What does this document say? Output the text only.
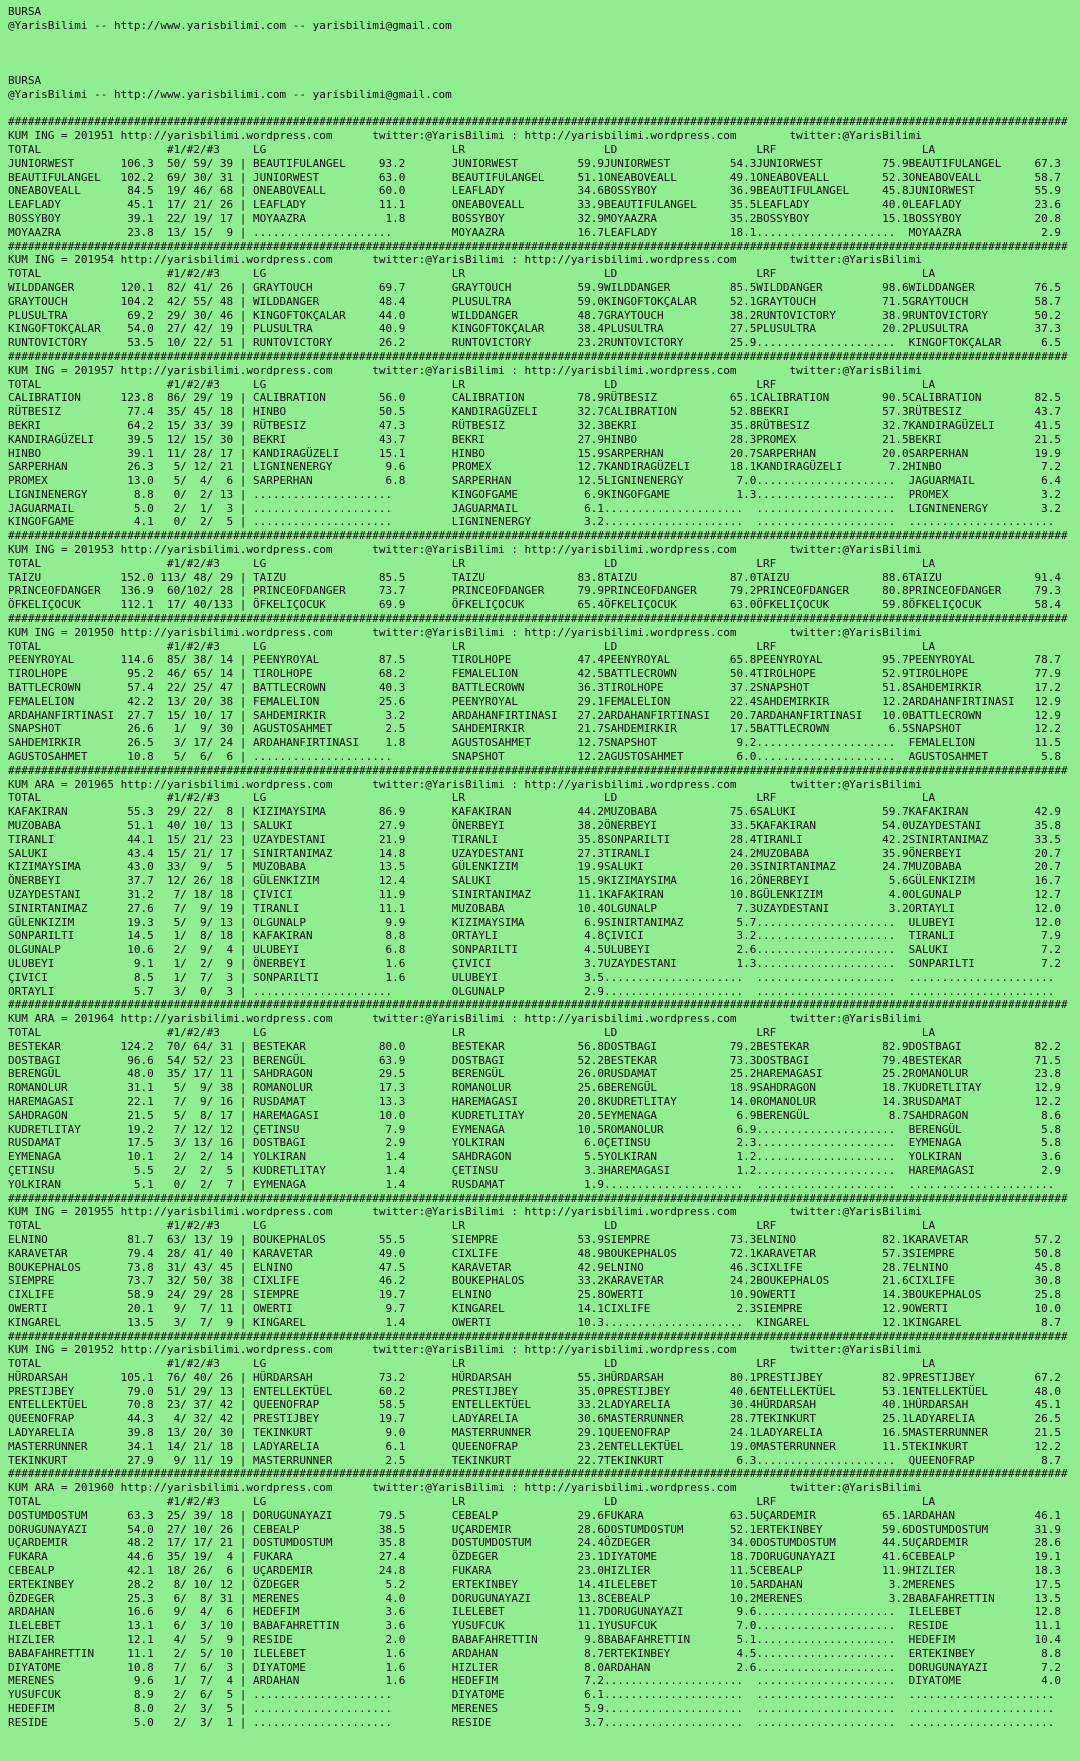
BURSA
@YarisBilimi -- http://www.yarisbilimi.com -- yarisbilimi@gmail.com
BURSA
@YarisBilimi -- http://www.yarisbilimi.com -- yarisbilimi@gmail.com
################################################################################################################################################################
KUM ING = 201951 http://yarisbilimi.wordpress.com      twitter:@YarisBilimi : http://yarisbilimi.wordpress.com        twitter:@YarisBilimi
TOTAL                   #1/#2/#3     LG                            LR                     LD                     LRF                      LA
JUNIORWEST       106.3  50/ 59/ 39 | BEAUTIFULANGEL     93.2       JUNIORWEST         59.9JUNIORWEST         54.3JUNIORWEST         75.9BEAUTIFULANGEL     67.3
BEAUTIFULANGEL   102.2  69/ 30/ 31 | JUNIORWEST         63.0       BEAUTIFULANGEL     51.1ONEABOVEALL        49.1ONEABOVEALL        52.3ONEABOVEALL        58.7
ONEABOVEALL       84.5  19/ 46/ 68 | ONEABOVEALL        60.0       LEAFLADY           34.6BOSSYBOY           36.9BEAUTIFULANGEL     45.8JUNIORWEST         55.9
LEAFLADY          45.1  17/ 21/ 26 | LEAFLADY           11.1       ONEABOVEALL        33.9BEAUTIFULANGEL     35.5LEAFLADY           40.0LEAFLADY           23.6
BOSSYBOY          39.1  22/ 19/ 17 | MOYAAZRA            1.8       BOSSYBOY           32.9MOYAAZRA           35.2BOSSYBOY           15.1BOSSYBOY           20.8
MOYAAZRA          23.8  13/ 15/  9 | .....................         MOYAAZRA           16.7LEAFLADY           18.1.....................  MOYAAZRA            2.9
################################################################################################################################################################
KUM ING = 201954 http://yarisbilimi.wordpress.com      twitter:@YarisBilimi : http://yarisbilimi.wordpress.com        twitter:@YarisBilimi
TOTAL                   #1/#2/#3     LG                            LR                     LD                     LRF                      LA
WILDDANGER       120.1  82/ 41/ 26 | GRAYTOUCH          69.7       GRAYTOUCH          59.9WILDDANGER         85.5WILDDANGER         98.6WILDDANGER         76.5
GRAYTOUCH        104.2  42/ 55/ 48 | WILDDANGER         48.4       PLUSULTRA          59.0KINGOFTOKÇALAR     52.1GRAYTOUCH          71.5GRAYTOUCH          58.7
PLUSULTRA         69.2  29/ 30/ 46 | KINGOFTOKÇALAR     44.0       WILDDANGER         48.7GRAYTOUCH          38.2RUNTOVICTORY       38.9RUNTOVICTORY       50.2
KINGOFTOKÇALAR    54.0  27/ 42/ 19 | PLUSULTRA          40.9       KINGOFTOKÇALAR     38.4PLUSULTRA          27.5PLUSULTRA          20.2PLUSULTRA          37.3
RUNTOVICTORY      53.5  10/ 22/ 51 | RUNTOVICTORY       26.2       RUNTOVICTORY       23.2RUNTOVICTORY       25.9.....................  KINGOFTOKÇALAR      6.5
################################################################################################################################################################
KUM ING = 201957 http://yarisbilimi.wordpress.com      twitter:@YarisBilimi : http://yarisbilimi.wordpress.com        twitter:@YarisBilimi
TOTAL                   #1/#2/#3     LG                            LR                     LD                     LRF                      LA
CALIBRATION      123.8  86/ 29/ 19 | CALIBRATION        56.0       CALIBRATION        78.9RÜTBESIZ           65.1CALIBRATION        90.5CALIBRATION        82.5
RÜTBESIZ          77.4  35/ 45/ 18 | HINBO              50.5       KANDIRAGÜZELI      32.7CALIBRATION        52.8BEKRI              57.3RÜTBESIZ           43.7
BEKRI             64.2  15/ 33/ 39 | RÜTBESIZ           47.3       RÜTBESIZ           32.3BEKRI              35.8RÜTBESIZ           32.7KANDIRAGÜZELI      41.5
KANDIRAGÜZELI     39.5  12/ 15/ 30 | BEKRI              43.7       BEKRI              27.9HINBO              28.3PROMEX             21.5BEKRI              21.5
HINBO             39.1  11/ 28/ 17 | KANDIRAGÜZELI      15.1       HINBO              15.9SARPERHAN          20.7SARPERHAN          20.0SARPERHAN          19.9
SARPERHAN         26.3   5/ 12/ 21 | LIGNINENERGY        9.6       PROMEX             12.7KANDIRAGÜZELI      18.1KANDIRAGÜZELI       7.2HINBO               7.2
PROMEX            13.0   5/  4/  6 | SARPERHAN           6.8       SARPERHAN          12.5LIGNINENERGY        7.0.....................  JAGUARMAIL          6.4
LIGNINENERGY       8.8   0/  2/ 13 | .....................         KINGOFGAME          6.9KINGOFGAME          1.3.....................  PROMEX              3.2
JAGUARMAIL         5.0   2/  1/  3 | .....................         JAGUARMAIL          6.1.....................  .....................  LIGNINENERGY        3.2
KINGOFGAME         4.1   0/  2/  5 | .....................         LIGNINENERGY        3.2.....................  .....................  ......................
################################################################################################################################################################
KUM ING = 201953 http://yarisbilimi.wordpress.com      twitter:@YarisBilimi : http://yarisbilimi.wordpress.com        twitter:@YarisBilimi
TOTAL                   #1/#2/#3     LG                            LR                     LD                     LRF                      LA
TAIZU            152.0 113/ 48/ 29 | TAIZU              85.5       TAIZU              83.8TAIZU              87.0TAIZU              88.6TAIZU              91.4
PRINCEOFDANGER   136.9  60/102/ 28 | PRINCEOFDANGER     73.7       PRINCEOFDANGER     79.9PRINCEOFDANGER     79.2PRINCEOFDANGER     80.8PRINCEOFDANGER     79.3
ÖFKELIÇOCUK      112.1  17/ 40/133 | ÖFKELIÇOCUK        69.9       ÖFKELIÇOCUK        65.4ÖFKELIÇOCUK        63.0ÖFKELIÇOCUK        59.8ÖFKELIÇOCUK        58.4
################################################################################################################################################################
KUM ING = 201950 http://yarisbilimi.wordpress.com      twitter:@YarisBilimi : http://yarisbilimi.wordpress.com        twitter:@YarisBilimi
TOTAL                   #1/#2/#3     LG                            LR                     LD                     LRF                      LA
PEENYROYAL       114.6  85/ 38/ 14 | PEENYROYAL         87.5       TIROLHOPE          47.4PEENYROYAL         65.8PEENYROYAL         95.7PEENYROYAL         78.7
TIROLHOPE         95.2  46/ 65/ 14 | TIROLHOPE          68.2       FEMALELION         42.5BATTLECROWN        50.4TIROLHOPE          52.9TIROLHOPE          77.9
BATTLECROWN       57.4  22/ 25/ 47 | BATTLECROWN        40.3       BATTLECROWN        36.3TIROLHOPE          37.2SNAPSHOT           51.8SAHDEMIRKIR        17.2
FEMALELION        42.2  13/ 20/ 38 | FEMALELION         25.6       PEENYROYAL         29.1FEMALELION         22.4SAHDEMIRKIR        12.2ARDAHANFIRTINASI   12.9
ARDAHANFIRTINASI  27.7  15/ 10/ 17 | SAHDEMIRKIR         3.2       ARDAHANFIRTINASI   27.2ARDAHANFIRTINASI   20.7ARDAHANFIRTINASI   10.0BATTLECROWN        12.9
SNAPSHOT          26.6   1/  9/ 30 | AGUSTOSAHMET        2.5       SAHDEMIRKIR        21.7SAHDEMIRKIR        17.5BATTLECROWN         6.5SNAPSHOT           12.2
SAHDEMIRKIR       26.5   3/ 17/ 24 | ARDAHANFIRTINASI    1.8       AGUSTOSAHMET       12.7SNAPSHOT            9.2.....................  FEMALELION         11.5
AGUSTOSAHMET      10.8   5/  6/  6 | .....................         SNAPSHOT           12.2AGUSTOSAHMET        6.0.....................  AGUSTOSAHMET        5.8
################################################################################################################################################################
KUM ARA = 201965 http://yarisbilimi.wordpress.com      twitter:@YarisBilimi : http://yarisbilimi.wordpress.com        twitter:@YarisBilimi
TOTAL                   #1/#2/#3     LG                            LR                     LD                     LRF                      LA
KAFAKIRAN         55.3  29/ 22/  8 | KIZIMAYSIMA        86.9       KAFAKIRAN          44.2MUZOBABA           75.6SALUKI             59.7KAFAKIRAN          42.9
MUZOBABA          51.1  40/ 10/ 13 | SALUKI             27.9       ÖNERBEYI           38.2ÖNERBEYI           33.5KAFAKIRAN          54.0UZAYDESTANI        35.8
TIRANLI           44.1  15/ 21/ 23 | UZAYDESTANI        21.9       TIRANLI            35.8SONPARILTI         28.4TIRANLI            42.2SINIRTANIMAZ       33.5
SALUKI            43.4  15/ 21/ 17 | SINIRTANIMAZ       14.8       UZAYDESTANI        27.3TIRANLI            24.2MUZOBABA           35.9ÖNERBEYI           20.7
KIZIMAYSIMA       43.0  33/  9/  5 | MUZOBABA           13.5       GÜLENKIZIM         19.9SALUKI             20.3SINIRTANIMAZ       24.7MUZOBABA           20.7
ÖNERBEYI          37.7  12/ 26/ 18 | GÜLENKIZIM         12.4       SALUKI             15.9KIZIMAYSIMA        16.2ÖNERBEYI            5.6GÜLENKIZIM         16.7
UZAYDESTANI       31.2   7/ 18/ 18 | ÇIVICI             11.9       SINIRTANIMAZ       11.1KAFAKIRAN          10.8GÜLENKIZIM          4.0OLGUNALP           12.7
SINIRTANIMAZ      27.6   7/  9/ 19 | TIRANLI            11.1       MUZOBABA           10.4OLGUNALP            7.3UZAYDESTANI         3.2ORTAYLI            12.0
GÜLENKIZIM        19.3   5/  9/ 13 | OLGUNALP            9.9       KIZIMAYSIMA         6.9SINIRTANIMAZ        5.7.....................  ULUBEYI            12.0
SONPARILTI        14.5   1/  8/ 18 | KAFAKIRAN           8.8       ORTAYLI             4.8ÇIVICI              3.2.....................  TIRANLI             7.9
OLGUNALP          10.6   2/  9/  4 | ULUBEYI             6.8       SONPARILTI          4.5ULUBEYI             2.6.....................  SALUKI              7.2
ULUBEYI            9.1   1/  2/  9 | ÖNERBEYI            1.6       ÇIVICI              3.7UZAYDESTANI         1.3.....................  SONPARILTI          7.2
ÇIVICI             8.5   1/  7/  3 | SONPARILTI          1.6       ULUBEYI             3.5.....................  .....................  ......................
ORTAYLI            5.7   3/  0/  3 | .....................         OLGUNALP            2.9.....................  .....................  ......................
################################################################################################################################################################
KUM ARA = 201964 http://yarisbilimi.wordpress.com      twitter:@YarisBilimi : http://yarisbilimi.wordpress.com        twitter:@YarisBilimi
TOTAL                   #1/#2/#3     LG                            LR                     LD                     LRF                      LA
BESTEKAR         124.2  70/ 64/ 31 | BESTEKAR           80.0       BESTEKAR           56.8DOSTBAGI           79.2BESTEKAR           82.9DOSTBAGI           82.2
DOSTBAGI          96.6  54/ 52/ 23 | BERENGÜL           63.9       DOSTBAGI           52.2BESTEKAR           73.3DOSTBAGI           79.4BESTEKAR           71.5
BERENGÜL          48.0  35/ 17/ 11 | SAHDRAGON          29.5       BERENGÜL           26.0RUSDAMAT           25.2HAREMAGASI         25.2ROMANOLUR          23.8
ROMANOLUR         31.1   5/  9/ 38 | ROMANOLUR          17.3       ROMANOLUR          25.6BERENGÜL           18.9SAHDRAGON          18.7KUDRETLITAY        12.9
HAREMAGASI        22.1   7/  9/ 16 | RUSDAMAT           13.3       HAREMAGASI         20.8KUDRETLITAY        14.0ROMANOLUR          14.3RUSDAMAT           12.2
SAHDRAGON         21.5   5/  8/ 17 | HAREMAGASI         10.0       KUDRETLITAY        20.5EYMENAGA            6.9BERENGÜL            8.7SAHDRAGON           8.6
KUDRETLITAY       19.2   7/ 12/ 12 | ÇETINSU             7.9       EYMENAGA           10.5ROMANOLUR           6.9.....................  BERENGÜL            5.8
RUSDAMAT          17.5   3/ 13/ 16 | DOSTBAGI            2.9       YOLKIRAN            6.0ÇETINSU             2.3.....................  EYMENAGA            5.8
EYMENAGA          10.1   2/  2/ 14 | YOLKIRAN            1.4       SAHDRAGON           5.5YOLKIRAN            1.2.....................  YOLKIRAN            3.6
ÇETINSU            5.5   2/  2/  5 | KUDRETLITAY         1.4       ÇETINSU             3.3HAREMAGASI          1.2.....................  HAREMAGASI          2.9
YOLKIRAN           5.1   0/  2/  7 | EYMENAGA            1.4       RUSDAMAT            1.9.....................  .....................  ......................
################################################################################################################################################################
KUM ING = 201955 http://yarisbilimi.wordpress.com      twitter:@YarisBilimi : http://yarisbilimi.wordpress.com        twitter:@YarisBilimi
TOTAL                   #1/#2/#3     LG                            LR                     LD                     LRF                      LA
ELNINO            81.7  63/ 13/ 19 | BOUKEPHALOS        55.5       SIEMPRE            53.9SIEMPRE            73.3ELNINO             82.1KARAVETAR          57.2
KARAVETAR         79.4  28/ 41/ 40 | KARAVETAR          49.0       CIXLIFE            48.9BOUKEPHALOS        72.1KARAVETAR          57.3SIEMPRE            50.8
BOUKEPHALOS       73.8  31/ 43/ 45 | ELNINO             47.5       KARAVETAR          42.9ELNINO             46.3CIXLIFE            28.7ELNINO             45.8
SIEMPRE           73.7  32/ 50/ 38 | CIXLIFE            46.2       BOUKEPHALOS        33.2KARAVETAR          24.2BOUKEPHALOS        21.6CIXLIFE            30.8
CIXLIFE           58.9  24/ 29/ 28 | SIEMPRE            19.7       ELNINO             25.8OWERTI             10.9OWERTI             14.3BOUKEPHALOS        25.8
OWERTI            20.1   9/  7/ 11 | OWERTI              9.7       KINGAREL           14.1CIXLIFE             2.3SIEMPRE            12.9OWERTI             10.0
KINGAREL          13.5   3/  7/  9 | KINGAREL            1.4       OWERTI             10.3.....................  KINGAREL           12.1KINGAREL            8.7
################################################################################################################################################################
KUM ING = 201952 http://yarisbilimi.wordpress.com      twitter:@YarisBilimi : http://yarisbilimi.wordpress.com        twitter:@YarisBilimi
TOTAL                   #1/#2/#3     LG                            LR                     LD                     LRF                      LA
HÜRDARSAH        105.1  76/ 40/ 26 | HÜRDARSAH          73.2       HÜRDARSAH          55.3HÜRDARSAH          80.1PRESTIJBEY         82.9PRESTIJBEY         67.2
PRESTIJBEY        79.0  51/ 29/ 13 | ENTELLEKTÜEL       60.2       PRESTIJBEY         35.0PRESTIJBEY         40.6ENTELLEKTÜEL       53.1ENTELLEKTÜEL       48.0
ENTELLEKTÜEL      70.8  23/ 37/ 42 | QUEENOFRAP         58.5       ENTELLEKTÜEL       33.2LADYARELIA         30.4HÜRDARSAH          40.1HÜRDARSAH          45.1
QUEENOFRAP        44.3   4/ 32/ 42 | PRESTIJBEY         19.7       LADYARELIA         30.6MASTERRUNNER       28.7TEKINKURT          25.1LADYARELIA         26.5
LADYARELIA        39.8  13/ 20/ 30 | TEKINKURT           9.0       MASTERRUNNER       29.1QUEENOFRAP         24.1LADYARELIA         16.5MASTERRUNNER       21.5
MASTERRUNNER      34.1  14/ 21/ 18 | LADYARELIA          6.1       QUEENOFRAP         23.2ENTELLEKTÜEL       19.0MASTERRUNNER       11.5TEKINKURT          12.2
TEKINKURT         27.9   9/ 11/ 19 | MASTERRUNNER        2.5       TEKINKURT          22.7TEKINKURT           6.3.....................  QUEENOFRAP          8.7
################################################################################################################################################################
KUM ARA = 201960 http://yarisbilimi.wordpress.com      twitter:@YarisBilimi : http://yarisbilimi.wordpress.com        twitter:@YarisBilimi
TOTAL                   #1/#2/#3     LG                            LR                     LD                     LRF                      LA
DOSTUMDOSTUM      63.3  25/ 39/ 18 | DORUGUNAYAZI       79.5       CEBEALP            29.6FUKARA             63.5UÇARDEMIR          65.1ARDAHAN            46.1
DORUGUNAYAZI      54.0  27/ 10/ 26 | CEBEALP            38.5       UÇARDEMIR          28.6DOSTUMDOSTUM       52.1ERTEKINBEY         59.6DOSTUMDOSTUM       31.9
UÇARDEMIR         48.2  17/ 17/ 21 | DOSTUMDOSTUM       35.8       DOSTUMDOSTUM       24.4ÖZDEGER            34.0DOSTUMDOSTUM       44.5UÇARDEMIR          28.6
FUKARA            44.6  35/ 19/  4 | FUKARA             27.4       ÖZDEGER            23.1DIYATOME           18.7DORUGUNAYAZI       41.6CEBEALP            19.1
CEBEALP           42.1  18/ 26/  6 | UÇARDEMIR          24.8       FUKARA             23.0HIZLIER            11.5CEBEALP            11.9HIZLIER            18.3
ERTEKINBEY        28.2   8/ 10/ 12 | ÖZDEGER             5.2       ERTEKINBEY         14.4ILELEBET           10.5ARDAHAN             3.2MERENES            17.5
ÖZDEGER           25.3   6/  8/ 31 | MERENES             4.0       DORUGUNAYAZI       13.8CEBEALP            10.2MERENES             3.2BABAFAHRETTIN      13.5
ARDAHAN           16.6   9/  4/  6 | HEDEFIM             3.6       ILELEBET           11.7DORUGUNAYAZI        9.6.....................  ILELEBET           12.8
ILELEBET          13.1   6/  3/ 10 | BABAFAHRETTIN       3.6       YUSUFCUK           11.1YUSUFCUK            7.0.....................  RESIDE             11.1
HIZLIER           12.1   4/  5/  9 | RESIDE              2.0       BABAFAHRETTIN       9.8BABAFAHRETTIN       5.1.....................  HEDEFIM            10.4
BABAFAHRETTIN     11.1   2/  5/ 10 | ILELEBET            1.6       ARDAHAN             8.7ERTEKINBEY          4.5.....................  ERTEKINBEY          8.8
DIYATOME          10.8   7/  6/  3 | DIYATOME            1.6       HIZLIER             8.0ARDAHAN             2.6.....................  DORUGUNAYAZI        7.2
MERENES            9.6   1/  7/  4 | ARDAHAN             1.6       HEDEFIM             7.2.....................  .....................  DIYATOME            4.0
YUSUFCUK           8.9   2/  6/  5 | .....................         DIYATOME            6.1.....................  .....................  ......................
HEDEFIM            8.0   2/  3/  5 | .....................         MERENES             5.9.....................  .....................  ......................
RESIDE             5.0   2/  3/  1 | .....................         RESIDE              3.7.....................  .....................  ......................
